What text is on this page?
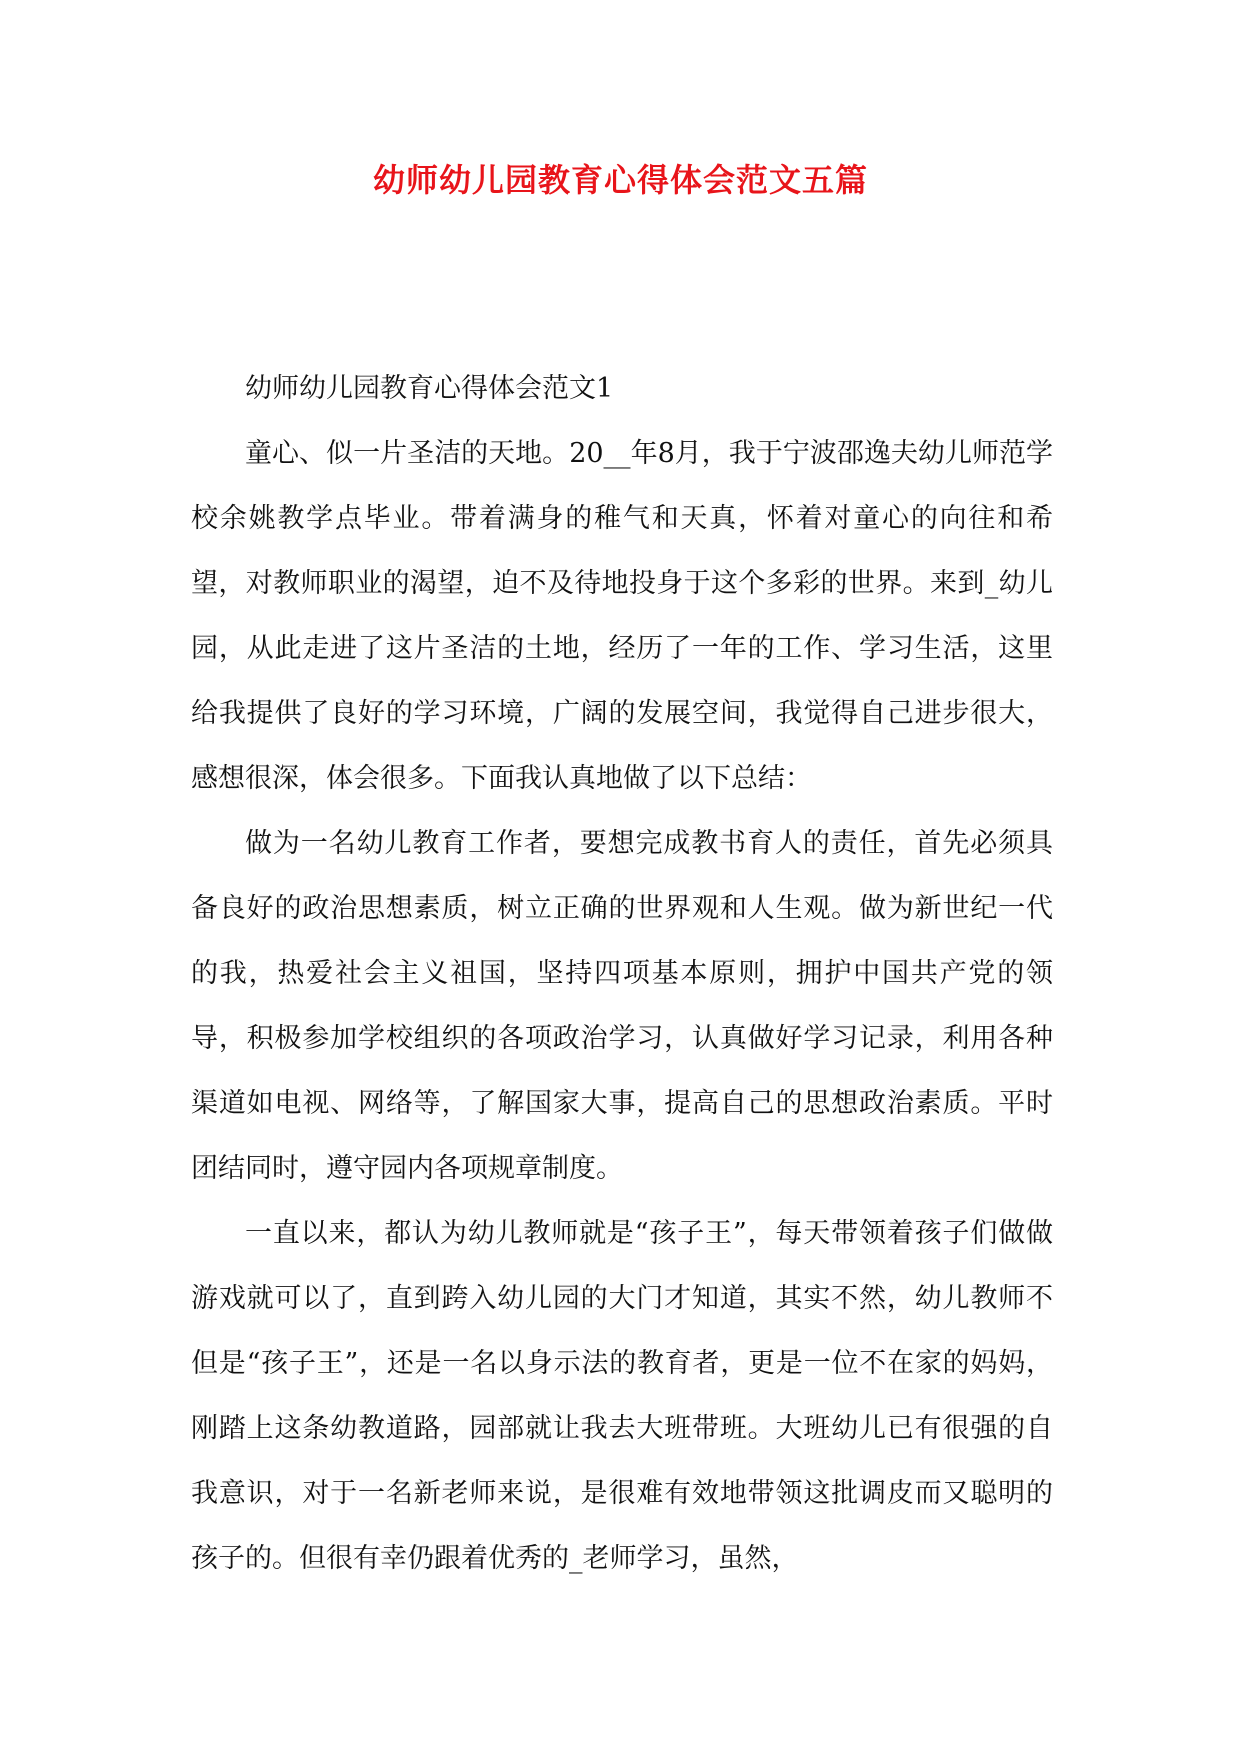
幼师幼儿园教育心得体会范文五篇

幼师幼儿园教育心得体会范文1

童心、似一片圣洁的天地。20__年8月，我于宁波邵逸夫幼儿师范学校余姚教学点毕业。带着满身的稚气和天真，怀着对童心的向往和希望，对教师职业的渴望，迫不及待地投身于这个多彩的世界。来到_幼儿园，从此走进了这片圣洁的土地，经历了一年的工作、学习生活，这里给我提供了良好的学习环境，广阔的发展空间，我觉得自己进步很大，感想很深，体会很多。下面我认真地做了以下总结：

做为一名幼儿教育工作者，要想完成教书育人的责任，首先必须具备良好的政治思想素质，树立正确的世界观和人生观。做为新世纪一代的我，热爱社会主义祖国，坚持四项基本原则，拥护中国共产党的领导，积极参加学校组织的各项政治学习，认真做好学习记录，利用各种渠道如电视、网络等，了解国家大事，提高自己的思想政治素质。平时团结同时，遵守园内各项规章制度。

一直以来，都认为幼儿教师就是“孩子王”，每天带领着孩子们做做游戏就可以了，直到跨入幼儿园的大门才知道，其实不然，幼儿教师不但是“孩子王”，还是一名以身示法的教育者，更是一位不在家的妈妈，刚踏上这条幼教道路，园部就让我去大班带班。大班幼儿已有很强的自我意识，对于一名新老师来说，是很难有效地带领这批调皮而又聪明的孩子的。但很有幸仍跟着优秀的_老师学习，虽然，
